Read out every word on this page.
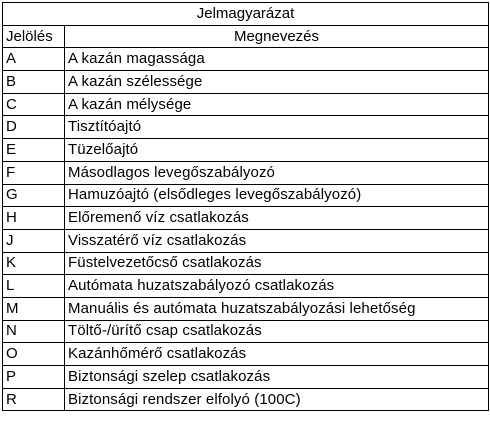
Jelmagyarázat	
Jelölés	Megnevezés
A	A kazán magassága
B	A kazán szélessége
C	A kazán mélysége
D	Tisztítóajtó
E	Tüzelőajtó
F	Másodlagos levegőszabályozó
G	Hamuzóajtó (elsődleges levegőszabályozó)
H	Előremenő víz csatlakozás
J	Visszatérő víz csatlakozás
K	Füstelvezetőcső csatlakozás
L	Autómata huzatszabályozó csatlakozás
M	Manuális és autómata huzatszabályozási lehetőség
N	Töltő-/ürítő csap csatlakozás
O	Kazánhőmérő csatlakozás
P	Biztonsági szelep csatlakozás
R	Biztonsági rendszer elfolyó (100C)
